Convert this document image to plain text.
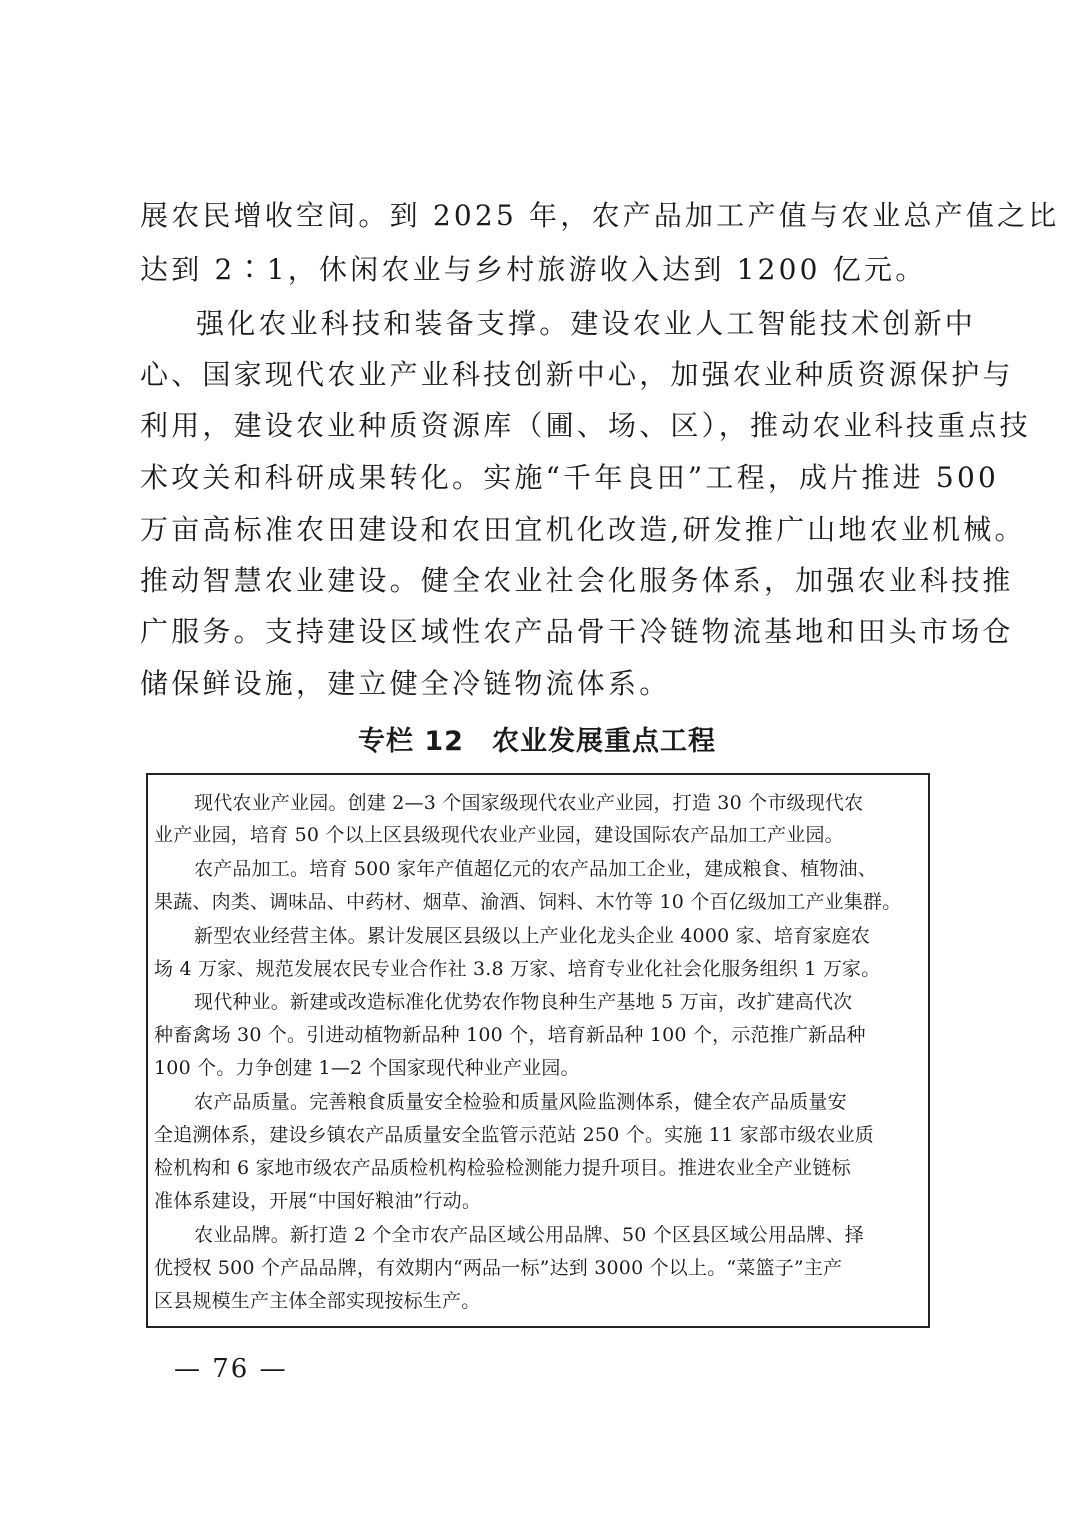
展农民增收空间。到 2025 年，农产品加工产值与农业总产值之比
达到 2∶1，休闲农业与乡村旅游收入达到 1200 亿元。
强化农业科技和装备支撑。建设农业人工智能技术创新中
心、国家现代农业产业科技创新中心，加强农业种质资源保护与
利用，建设农业种质资源库（圃、场、区），推动农业科技重点技
术攻关和科研成果转化。实施“千年良田”工程，成片推进 500
万亩高标准农田建设和农田宜机化改造,研发推广山地农业机械。
推动智慧农业建设。健全农业社会化服务体系，加强农业科技推
广服务。支持建设区域性农产品骨干冷链物流基地和田头市场仓
储保鲜设施，建立健全冷链物流体系。
专栏 12　农业发展重点工程
现代农业产业园。创建 2—3 个国家级现代农业产业园，打造 30 个市级现代农
业产业园，培育 50 个以上区县级现代农业产业园，建设国际农产品加工产业园。
农产品加工。培育 500 家年产值超亿元的农产品加工企业，建成粮食、植物油、
果蔬、肉类、调味品、中药材、烟草、渝酒、饲料、木竹等 10 个百亿级加工产业集群。
新型农业经营主体。累计发展区县级以上产业化龙头企业 4000 家、培育家庭农
场 4 万家、规范发展农民专业合作社 3.8 万家、培育专业化社会化服务组织 1 万家。
现代种业。新建或改造标准化优势农作物良种生产基地 5 万亩，改扩建高代次
种畜禽场 30 个。引进动植物新品种 100 个，培育新品种 100 个，示范推广新品种
100 个。力争创建 1—2 个国家现代种业产业园。
农产品质量。完善粮食质量安全检验和质量风险监测体系，健全农产品质量安
全追溯体系，建设乡镇农产品质量安全监管示范站 250 个。实施 11 家部市级农业质
检机构和 6 家地市级农产品质检机构检验检测能力提升项目。推进农业全产业链标
准体系建设，开展“中国好粮油”行动。
农业品牌。新打造 2 个全市农产品区域公用品牌、50 个区县区域公用品牌、择
优授权 500 个产品品牌，有效期内“两品一标”达到 3000 个以上。“菜篮子”主产
区县规模生产主体全部实现按标生产。
— 76 —
